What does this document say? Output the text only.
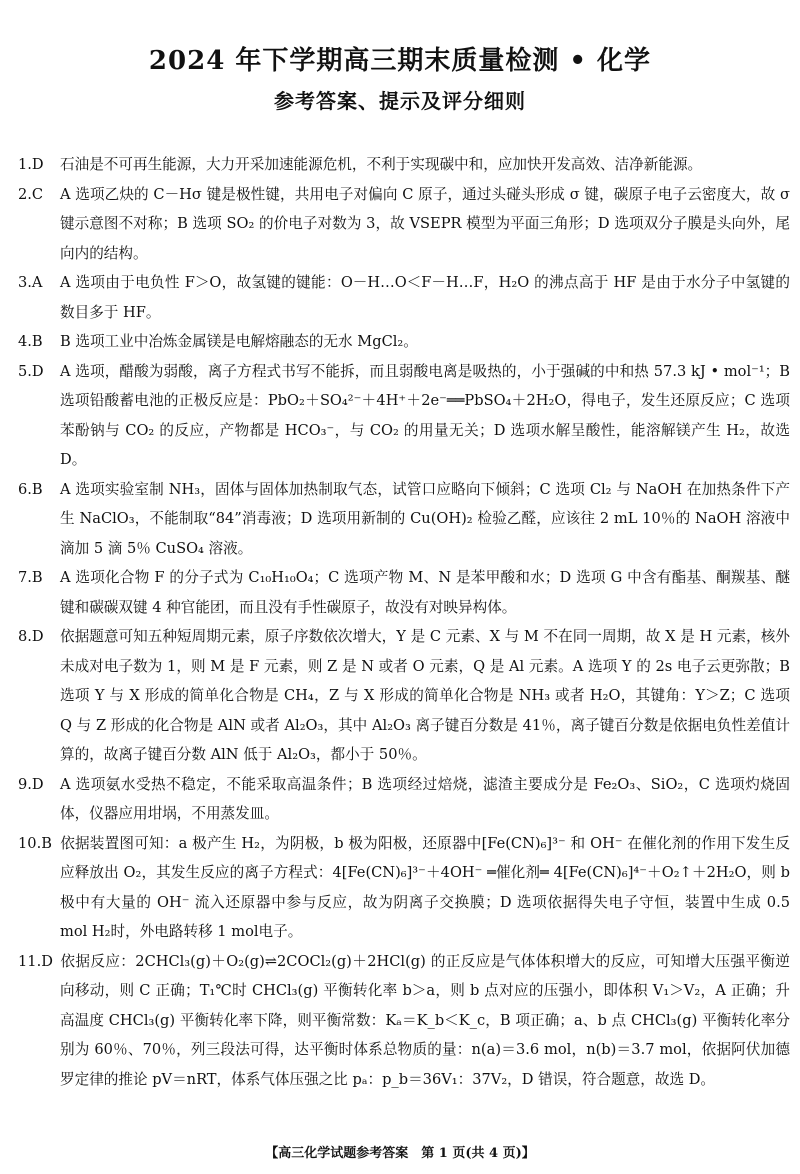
2024 年下学期高三期末质量检测 • 化学
参考答案、提示及评分细则
1.D 石油是不可再生能源，大力开采加速能源危机，不利于实现碳中和，应加快开发高效、洁净新能源。
2.C A 选项乙炔的 C－Hσ 键是极性键，共用电子对偏向 C 原子，通过头碰头形成 σ 键，碳原子电子云密度大，故 σ 键示意图不对称；B 选项 SO₂ 的价电子对数为 3，故 VSEPR 模型为平面三角形；D 选项双分子膜是头向外，尾向内的结构。
3.A A 选项由于电负性 F＞O，故氢键的键能：O－H…O＜F－H…F，H₂O 的沸点高于 HF 是由于水分子中氢键的数目多于 HF。
4.B B 选项工业中冶炼金属镁是电解熔融态的无水 MgCl₂。
5.D A 选项，醋酸为弱酸，离子方程式书写不能拆，而且弱酸电离是吸热的，小于强碱的中和热 57.3 kJ • mol⁻¹；B 选项铅酸蓄电池的正极反应是：PbO₂＋SO₄²⁻＋4H⁺＋2e⁻══PbSO₄＋2H₂O，得电子，发生还原反应；C 选项苯酚钠与 CO₂ 的反应，产物都是 HCO₃⁻，与 CO₂ 的用量无关；D 选项水解呈酸性，能溶解镁产生 H₂，故选 D。
6.B A 选项实验室制 NH₃，固体与固体加热制取气态，试管口应略向下倾斜；C 选项 Cl₂ 与 NaOH 在加热条件下产生 NaClO₃，不能制取“84”消毒液；D 选项用新制的 Cu(OH)₂ 检验乙醛，应该往 2 mL 10％的 NaOH 溶液中滴加 5 滴 5％ CuSO₄ 溶液。
7.B A 选项化合物 F 的分子式为 C₁₀H₁₀O₄；C 选项产物 M、N 是苯甲酸和水；D 选项 G 中含有酯基、酮羰基、醚键和碳碳双键 4 种官能团，而且没有手性碳原子，故没有对映异构体。
8.D 依据题意可知五种短周期元素，原子序数依次增大，Y 是 C 元素、X 与 M 不在同一周期，故 X 是 H 元素，核外未成对电子数为 1，则 M 是 F 元素，则 Z 是 N 或者 O 元素，Q 是 Al 元素。A 选项 Y 的 2s 电子云更弥散；B 选项 Y 与 X 形成的简单化合物是 CH₄，Z 与 X 形成的简单化合物是 NH₃ 或者 H₂O，其键角：Y＞Z；C 选项 Q 与 Z 形成的化合物是 AlN 或者 Al₂O₃，其中 Al₂O₃ 离子键百分数是 41％，离子键百分数是依据电负性差值计算的，故离子键百分数 AlN 低于 Al₂O₃，都小于 50％。
9.D A 选项氨水受热不稳定，不能采取高温条件；B 选项经过焙烧，滤渣主要成分是 Fe₂O₃、SiO₂，C 选项灼烧固体，仪器应用坩埚，不用蒸发皿。
10.B 依据装置图可知：a 极产生 H₂，为阴极，b 极为阳极，还原器中[Fe(CN)₆]³⁻ 和 OH⁻ 在催化剂的作用下发生反应释放出 O₂，其发生反应的离子方程式：4[Fe(CN)₆]³⁻＋4OH⁻ ═催化剂═ 4[Fe(CN)₆]⁴⁻＋O₂↑＋2H₂O，则 b 极中有大量的 OH⁻ 流入还原器中参与反应，故为阴离子交换膜；D 选项依据得失电子守恒，装置中生成 0.5 mol H₂时，外电路转移 1 mol电子。
11.D 依据反应：2CHCl₃(g)＋O₂(g)⇌2COCl₂(g)＋2HCl(g) 的正反应是气体体积增大的反应，可知增大压强平衡逆向移动，则 C 正确；T₁℃时 CHCl₃(g) 平衡转化率 b＞a，则 b 点对应的压强小，即体积 V₁＞V₂，A 正确；升高温度 CHCl₃(g) 平衡转化率下降，则平衡常数：Kₐ＝K_b＜K_c，B 项正确；a、b 点 CHCl₃(g) 平衡转化率分别为 60％、70％，列三段法可得，达平衡时体系总物质的量：n(a)＝3.6 mol，n(b)＝3.7 mol，依据阿伏加德罗定律的推论 pV＝nRT，体系气体压强之比 pₐ：p_b＝36V₁：37V₂，D 错误，符合题意，故选 D。
【高三化学试题参考答案　第 1 页(共 4 页)】
